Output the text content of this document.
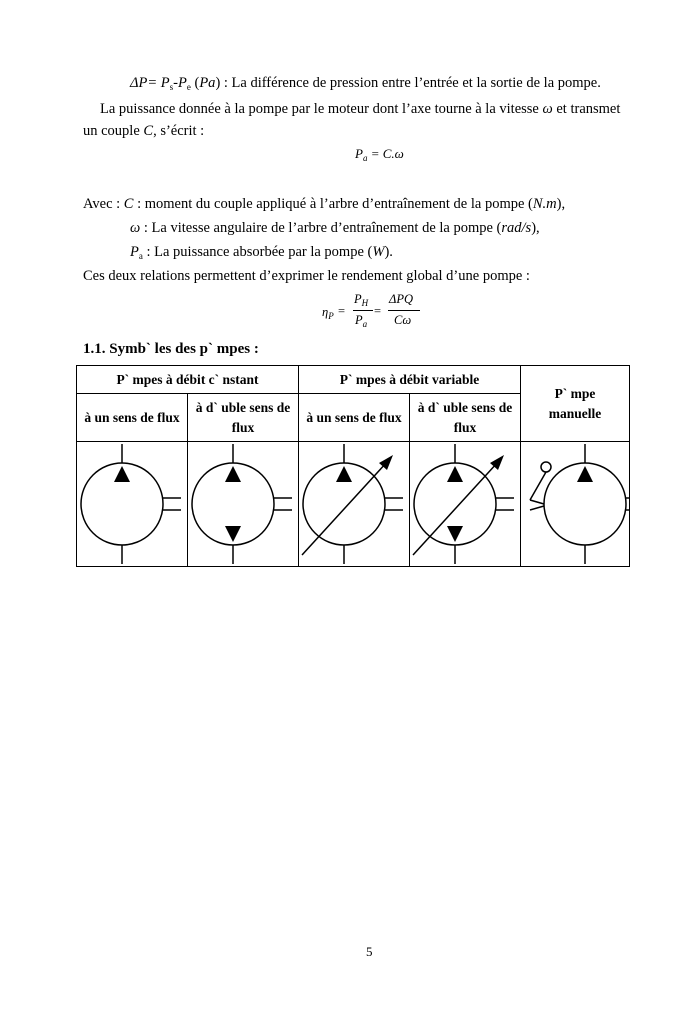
$\Delta P= P_s-P_e$ (Pa) : La différence de pression entre l’entrée et la sortie de la pompe.
La puissance donnée à la pompe par le moteur dont l’axe tourne à la vitesse ω et transmet
un couple C, s’écrit :
$P_a = C.\omega$
Avec : C : moment du couple appliqué à l’arbre d’entraînement de la pompe (N.m),
ω : La vitesse angulaire de l’arbre d’entraînement de la pompe (rad/s),
$P_a$ : La puissance absorbée par la pompe (W).
Ces deux relations permettent d’exprimer le rendement global d’une pompe :
$\eta_P$ =
$P_H$
$P_a$
=
ΔPQ
Cω
1.1. Symb` les des p` mpes :
P` mpes à débit c` nstant		P` mpes à débit variable		P` mpe manuelle

à un sens de flux	à d` uble sens de flux	à un sens de flux	à d` uble sens de flux	

5
